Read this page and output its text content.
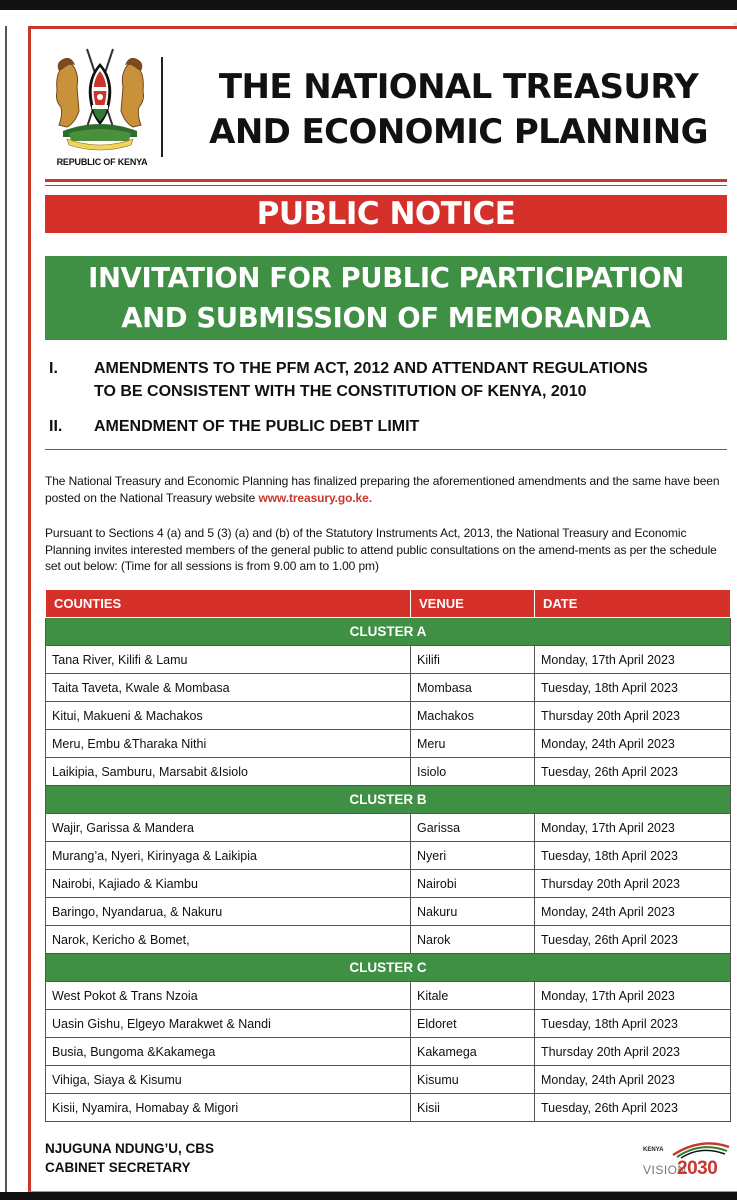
REPUBLIC OF KENYA
THE NATIONAL TREASURY
AND ECONOMIC PLANNING
PUBLIC NOTICE
INVITATION FOR PUBLIC PARTICIPATION
AND SUBMISSION OF MEMORANDA
I.	AMENDMENTS TO THE PFM ACT, 2012 AND ATTENDANT REGULATIONS
TO BE CONSISTENT WITH THE CONSTITUTION OF KENYA, 2010
II.	AMENDMENT OF THE PUBLIC DEBT LIMIT
The National Treasury and Economic Planning has finalized preparing the aforementioned amendments and the same have been posted on the National Treasury website www.treasury.go.ke.
Pursuant to Sections 4 (a) and 5 (3) (a) and (b) of the Statutory Instruments Act, 2013, the National Treasury and Economic Planning invites interested members of the general public to attend public consultations on the amend-ments as per the schedule set out below: (Time for all sessions is from 9.00 am to 1.00 pm)
COUNTIES	VENUE	DATE
CLUSTER A		
Tana River, Kilifi & Lamu	Kilifi	Monday, 17th April 2023
Taita Taveta, Kwale & Mombasa	Mombasa	Tuesday, 18th April 2023
Kitui, Makueni & Machakos	Machakos	Thursday 20th April 2023
Meru, Embu &Tharaka Nithi	Meru	Monday, 24th April 2023
Laikipia, Samburu, Marsabit &Isiolo	Isiolo	Tuesday, 26th April 2023
CLUSTER B		
Wajir, Garissa & Mandera	Garissa	Monday, 17th April 2023
Murang’a, Nyeri, Kirinyaga & Laikipia	Nyeri	Tuesday, 18th April 2023
Nairobi, Kajiado & Kiambu	Nairobi	Thursday 20th April 2023
Baringo, Nyandarua, & Nakuru	Nakuru	Monday, 24th April 2023
Narok, Kericho & Bomet,	Narok	Tuesday, 26th April 2023
CLUSTER C		
West Pokot & Trans Nzoia	Kitale	Monday, 17th April 2023
Uasin Gishu, Elgeyo Marakwet & Nandi	Eldoret	Tuesday, 18th April 2023
Busia, Bungoma &Kakamega	Kakamega	Thursday 20th April 2023
Vihiga, Siaya & Kisumu	Kisumu	Monday, 24th April 2023
Kisii, Nyamira, Homabay & Migori	Kisii	Tuesday, 26th April 2023
NJUGUNA NDUNG’U, CBS
CABINET SECRETARY
KENYA
VISION
2030
